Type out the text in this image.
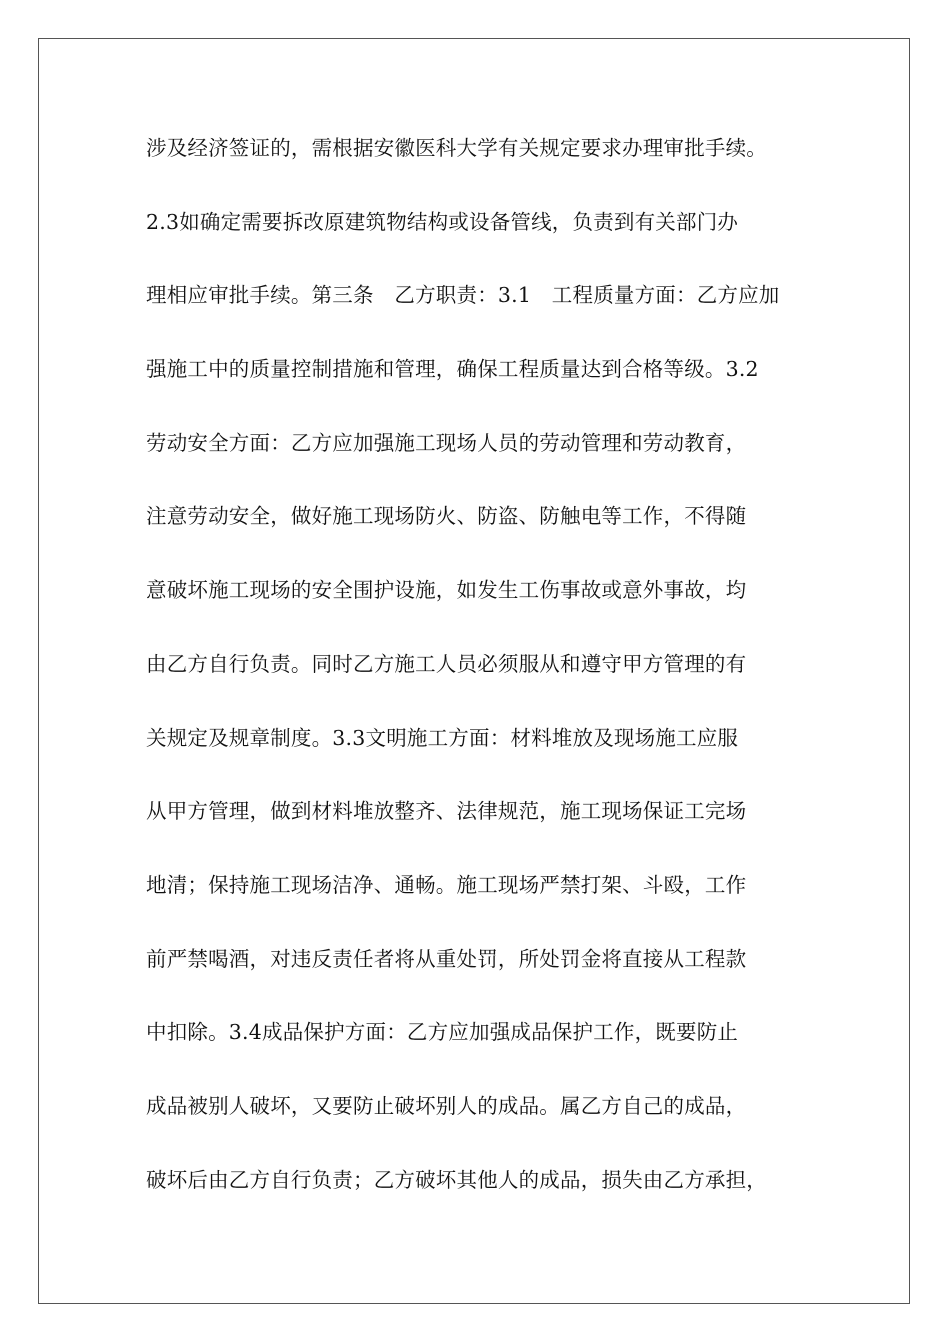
涉及经济签证的，需根据安徽医科大学有关规定要求办理审批手续。
2.3如确定需要拆改原建筑物结构或设备管线，负责到有关部门办
理相应审批手续。第三条　乙方职责：3.1　工程质量方面：乙方应加
强施工中的质量控制措施和管理，确保工程质量达到合格等级。3.2
劳动安全方面：乙方应加强施工现场人员的劳动管理和劳动教育，
注意劳动安全，做好施工现场防火、防盗、防触电等工作，不得随
意破坏施工现场的安全围护设施，如发生工伤事故或意外事故，均
由乙方自行负责。同时乙方施工人员必须服从和遵守甲方管理的有
关规定及规章制度。3.3文明施工方面：材料堆放及现场施工应服
从甲方管理，做到材料堆放整齐、法律规范，施工现场保证工完场
地清；保持施工现场洁净、通畅。施工现场严禁打架、斗殴，工作
前严禁喝酒，对违反责任者将从重处罚，所处罚金将直接从工程款
中扣除。3.4成品保护方面：乙方应加强成品保护工作，既要防止
成品被别人破坏，又要防止破坏别人的成品。属乙方自己的成品，
破坏后由乙方自行负责；乙方破坏其他人的成品，损失由乙方承担，
